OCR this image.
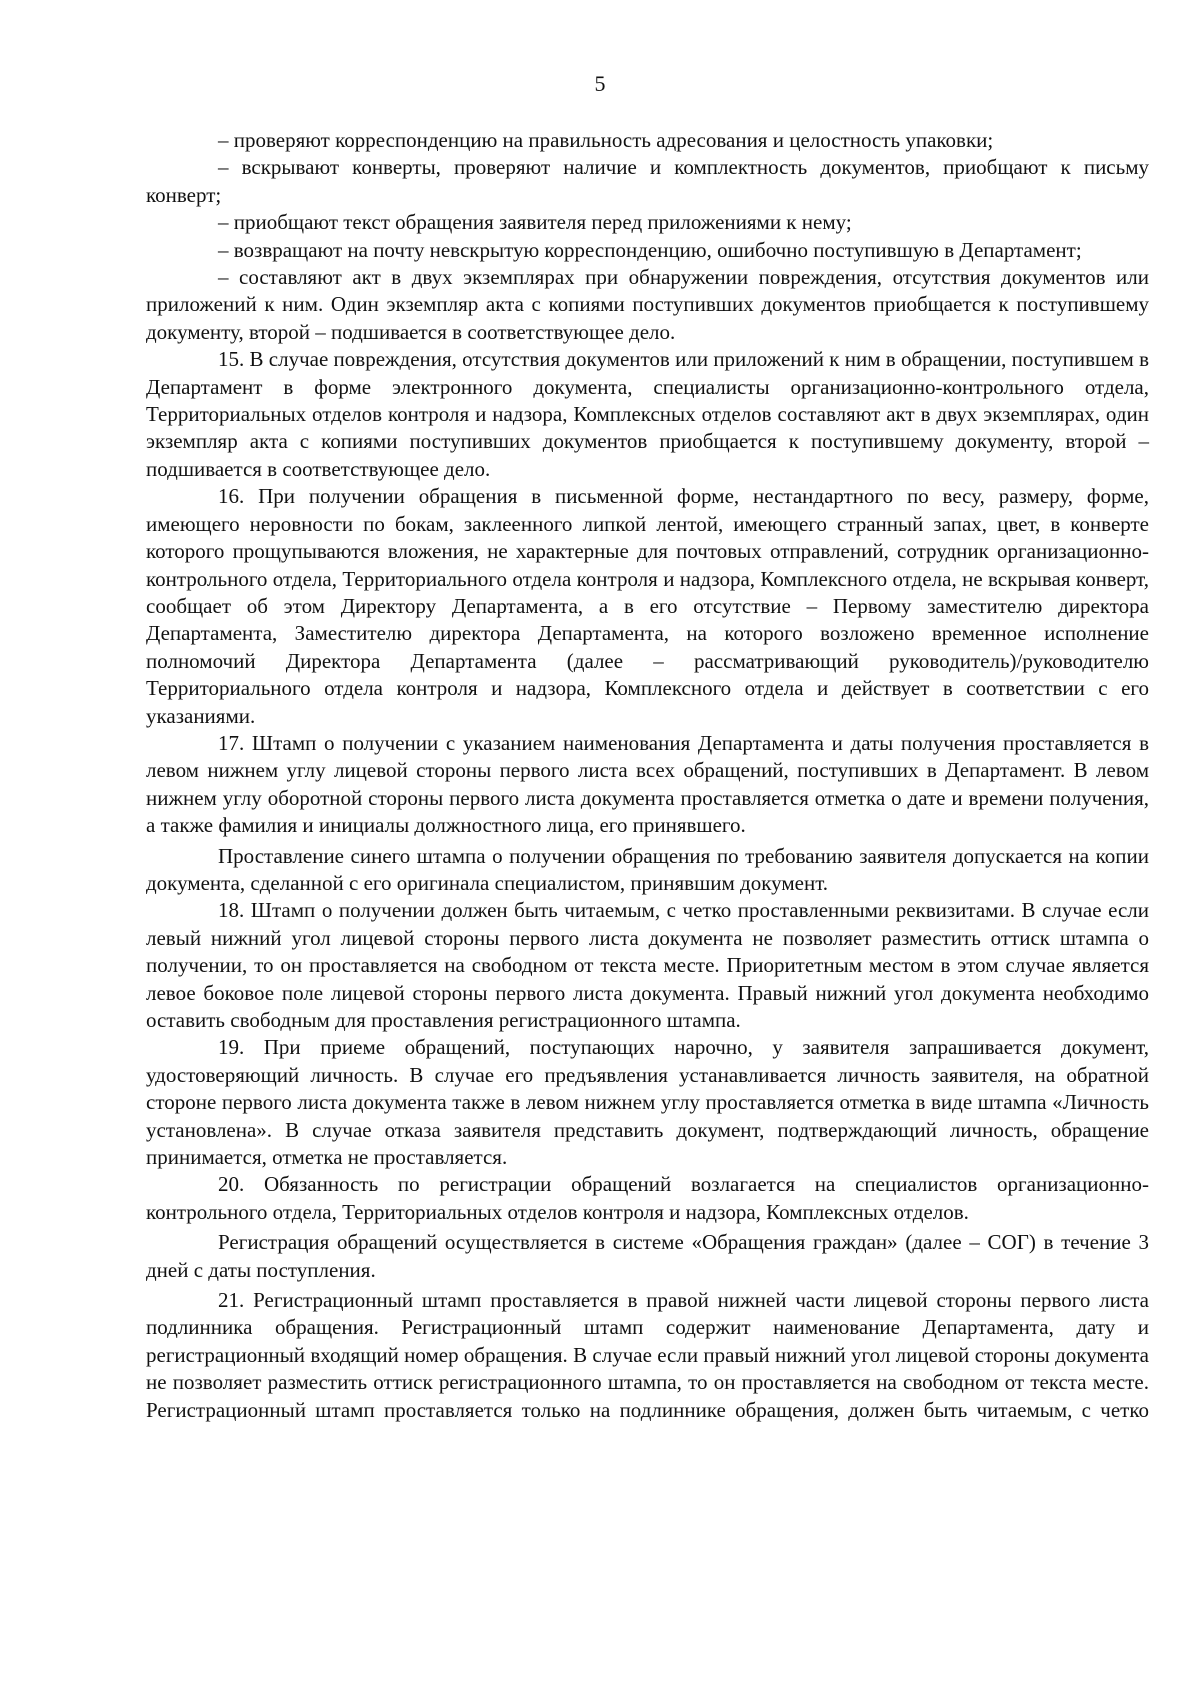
5

– проверяют корреспонденцию на правильность адресования и целостность упаковки;

– вскрывают конверты, проверяют наличие и комплектность документов, приобщают к письму конверт;

– приобщают текст обращения заявителя перед приложениями к нему;

– возвращают на почту невскрытую корреспонденцию, ошибочно поступившую в Департамент;

– составляют акт в двух экземплярах при обнаружении повреждения, отсутствия документов или приложений к ним. Один экземпляр акта с копиями поступивших документов приобщается к поступившему документу, второй – подшивается в соответствующее дело.

15. В случае повреждения, отсутствия документов или приложений к ним в обращении, поступившем в Департамент в форме электронного документа, специалисты организационно-контрольного отдела, Территориальных отделов контроля и надзора, Комплексных отделов составляют акт в двух экземплярах, один экземпляр акта с копиями поступивших документов приобщается к поступившему документу, второй – подшивается в соответствующее дело.

16. При получении обращения в письменной форме, нестандартного по весу, размеру, форме, имеющего неровности по бокам, заклеенного липкой лентой, имеющего странный запах, цвет, в конверте которого прощупываются вложения, не характерные для почтовых отправлений, сотрудник организационно-контрольного отдела, Территориального отдела контроля и надзора, Комплексного отдела, не вскрывая конверт, сообщает об этом Директору Департамента, а в его отсутствие – Первому заместителю директора Департамента, Заместителю директора Департамента, на которого возложено временное исполнение полномочий Директора Департамента (далее – рассматривающий руководитель)/руководителю Территориального отдела контроля и надзора, Комплексного отдела и действует в соответствии с его указаниями.

17. Штамп о получении с указанием наименования Департамента и даты получения проставляется в левом нижнем углу лицевой стороны первого листа всех обращений, поступивших в Департамент. В левом нижнем углу оборотной стороны первого листа документа проставляется отметка о дате и времени получения, а также фамилия и инициалы должностного лица, его принявшего.

Проставление синего штампа о получении обращения по требованию заявителя допускается на копии документа, сделанной с его оригинала специалистом, принявшим документ.

18. Штамп о получении должен быть читаемым, с четко проставленными реквизитами. В случае если левый нижний угол лицевой стороны первого листа документа не позволяет разместить оттиск штампа о получении, то он проставляется на свободном от текста месте. Приоритетным местом в этом случае является левое боковое поле лицевой стороны первого листа документа. Правый нижний угол документа необходимо оставить свободным для проставления регистрационного штампа.

19. При приеме обращений, поступающих нарочно, у заявителя запрашивается документ, удостоверяющий личность. В случае его предъявления устанавливается личность заявителя, на обратной стороне первого листа документа также в левом нижнем углу проставляется отметка в виде штампа «Личность установлена». В случае отказа заявителя представить документ, подтверждающий личность, обращение принимается, отметка не проставляется.

20. Обязанность по регистрации обращений возлагается на специалистов организационно-контрольного отдела, Территориальных отделов контроля и надзора, Комплексных отделов.

Регистрация обращений осуществляется в системе «Обращения граждан» (далее – СОГ) в течение 3 дней с даты поступления.

21. Регистрационный штамп проставляется в правой нижней части лицевой стороны первого листа подлинника обращения. Регистрационный штамп содержит наименование Департамента, дату и регистрационный входящий номер обращения. В случае если правый нижний угол лицевой стороны документа не позволяет разместить оттиск регистрационного штампа, то он проставляется на свободном от текста месте. Регистрационный штамп проставляется только на подлиннике обращения, должен быть читаемым, с четко
